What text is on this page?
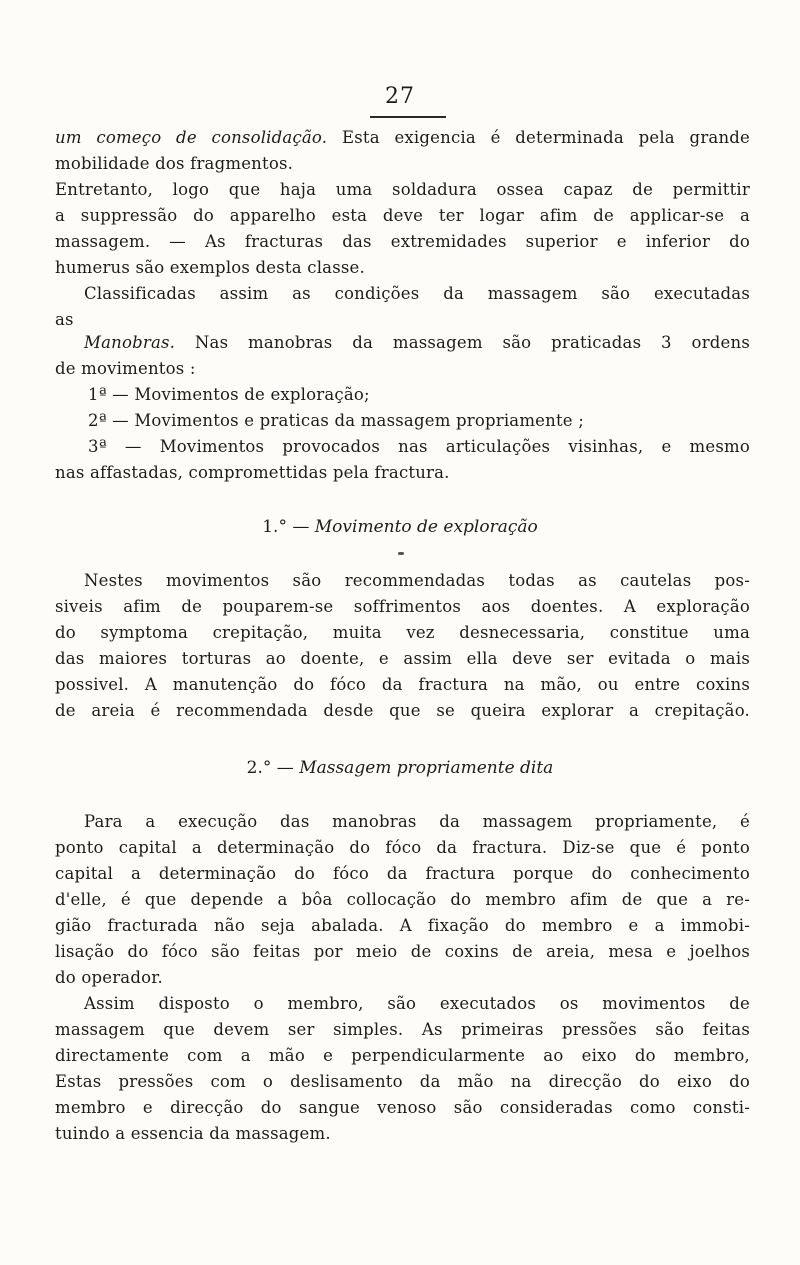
27
um começo de consolidação. Esta exigencia é determinada pela grande
mobilidade dos fragmentos.
Entretanto, logo que haja uma soldadura ossea capaz de permittir
a suppressão do apparelho esta deve ter logar afim de applicar-se a
massagem. — As fracturas das extremidades superior e inferior do
humerus são exemplos desta classe.
Classificadas assim as condições da massagem são executadas
as
Manobras. Nas manobras da massagem são praticadas 3 ordens
de movimentos :
1ª — Movimentos de exploração;
2ª — Movimentos e praticas da massagem propriamente ;
3ª — Movimentos provocados nas articulações visinhas, e mesmo
nas affastadas, compromettidas pela fractura.
1.° — Movimento de exploração
Nestes movimentos são recommendadas todas as cautelas pos-
siveis afim de pouparem-se soffrimentos aos doentes. A exploração
do symptoma crepitação, muita vez desnecessaria, constitue uma
das maiores torturas ao doente, e assim ella deve ser evitada o mais
possivel. A manutenção do fóco da fractura na mão, ou entre coxins
de areia é recommendada desde que se queira explorar a crepitação.
2.° — Massagem propriamente dita
Para a execução das manobras da massagem propriamente, é
ponto capital a determinação do fóco da fractura. Diz-se que é ponto
capital a determinação do fóco da fractura porque do conhecimento
d'elle, é que depende a bôa collocação do membro afim de que a re-
gião fracturada não seja abalada. A fixação do membro e a immobi-
lisação do fóco são feitas por meio de coxins de areia, mesa e joelhos
do operador.
Assim disposto o membro, são executados os movimentos de
massagem que devem ser simples. As primeiras pressões são feitas
directamente com a mão e perpendicularmente ao eixo do membro,
Estas pressões com o deslisamento da mão na direcção do eixo do
membro e direcção do sangue venoso são consideradas como consti-
tuindo a essencia da massagem.
